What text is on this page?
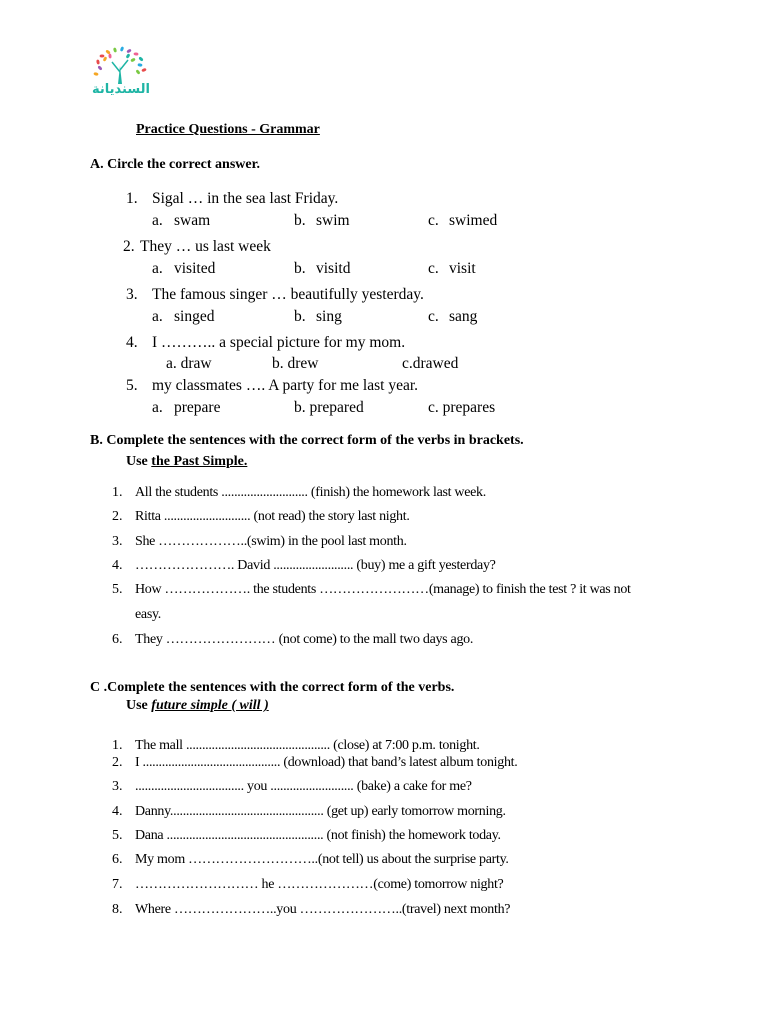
السنديانة
Practice Questions - Grammar
A. Circle the correct answer.
1. Sigal … in the sea last Friday.
a. swam	b. swim	c. swimed
2. They … us last week
a. visited	b. visitd	c. visit
3. The famous singer … beautifully yesterday.
a. singed	b. sing	c. sang
4. I ……….. a special picture for my mom.
a. draw	b. drew	c.drawed
5. my classmates …. A party for me last year.
a. prepare	b. prepared	c. prepares
B. Complete the sentences with the correct form of the verbs in brackets.
Use the Past Simple.
1. All the students ........................... (finish) the homework last week.
2. Ritta ........................... (not read) the story last night.
3. She ………………..(swim) in the pool last month.
4. …………………. David ......................... (buy) me a gift yesterday?
5. How ………………. the students ……………………(manage) to finish the test ? it was not
easy.
6. They …………………… (not come) to the mall two days ago.
C .Complete the sentences with the correct form of the verbs.
Use future simple ( will )
1. The mall ............................................. (close) at 7:00 p.m. tonight.
2. I ........................................... (download) that band’s latest album tonight.
3. .................................. you .......................... (bake) a cake for me?
4. Danny................................................ (get up) early tomorrow morning.
5. Dana ................................................. (not finish) the homework today.
6. My mom ………………………..(not tell) us about the surprise party.
7. ……………………… he …………………(come) tomorrow night?
8. Where …………………..you …………………..(travel) next month?
